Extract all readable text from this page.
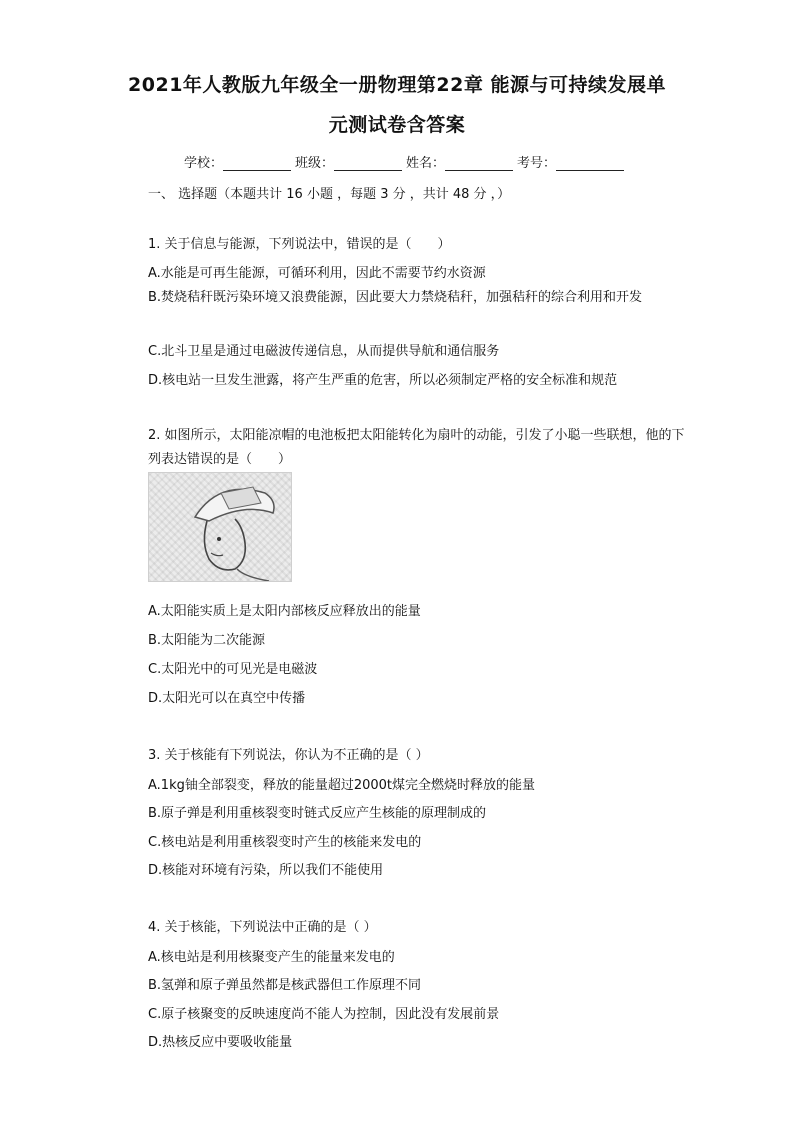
2021年人教版九年级全一册物理第22章 能源与可持续发展单
元测试卷含答案
学校：	班级：	姓名：	考号：

一、 选择题（本题共计 16 小题 ，每题 3 分 ，共计 48 分 ，）

1. 关于信息与能源，下列说法中，错误的是（　　）

A.水能是可再生能源，可循环利用，因此不需要节约水资源

B.焚烧秸秆既污染环境又浪费能源，因此要大力禁烧秸秆，加强秸秆的综合利用和开发

C.北斗卫星是通过电磁波传递信息，从而提供导航和通信服务

D.核电站一旦发生泄露，将产生严重的危害，所以必须制定严格的安全标准和规范

2. 如图所示，太阳能凉帽的电池板把太阳能转化为扇叶的动能，引发了小聪一些联想，他的下列表达错误的是（　　）

A.太阳能实质上是太阳内部核反应释放出的能量

B.太阳能为二次能源

C.太阳光中的可见光是电磁波

D.太阳光可以在真空中传播

3. 关于核能有下列说法，你认为不正确的是（ ）

A.1kg铀全部裂变，释放的能量超过2000t煤完全燃烧时释放的能量

B.原子弹是利用重核裂变时链式反应产生核能的原理制成的

C.核电站是利用重核裂变时产生的核能来发电的

D.核能对环境有污染，所以我们不能使用

4. 关于核能，下列说法中正确的是（ ）

A.核电站是利用核聚变产生的能量来发电的

B.氢弹和原子弹虽然都是核武器但工作原理不同

C.原子核聚变的反映速度尚不能人为控制，因此没有发展前景

D.热核反应中要吸收能量
